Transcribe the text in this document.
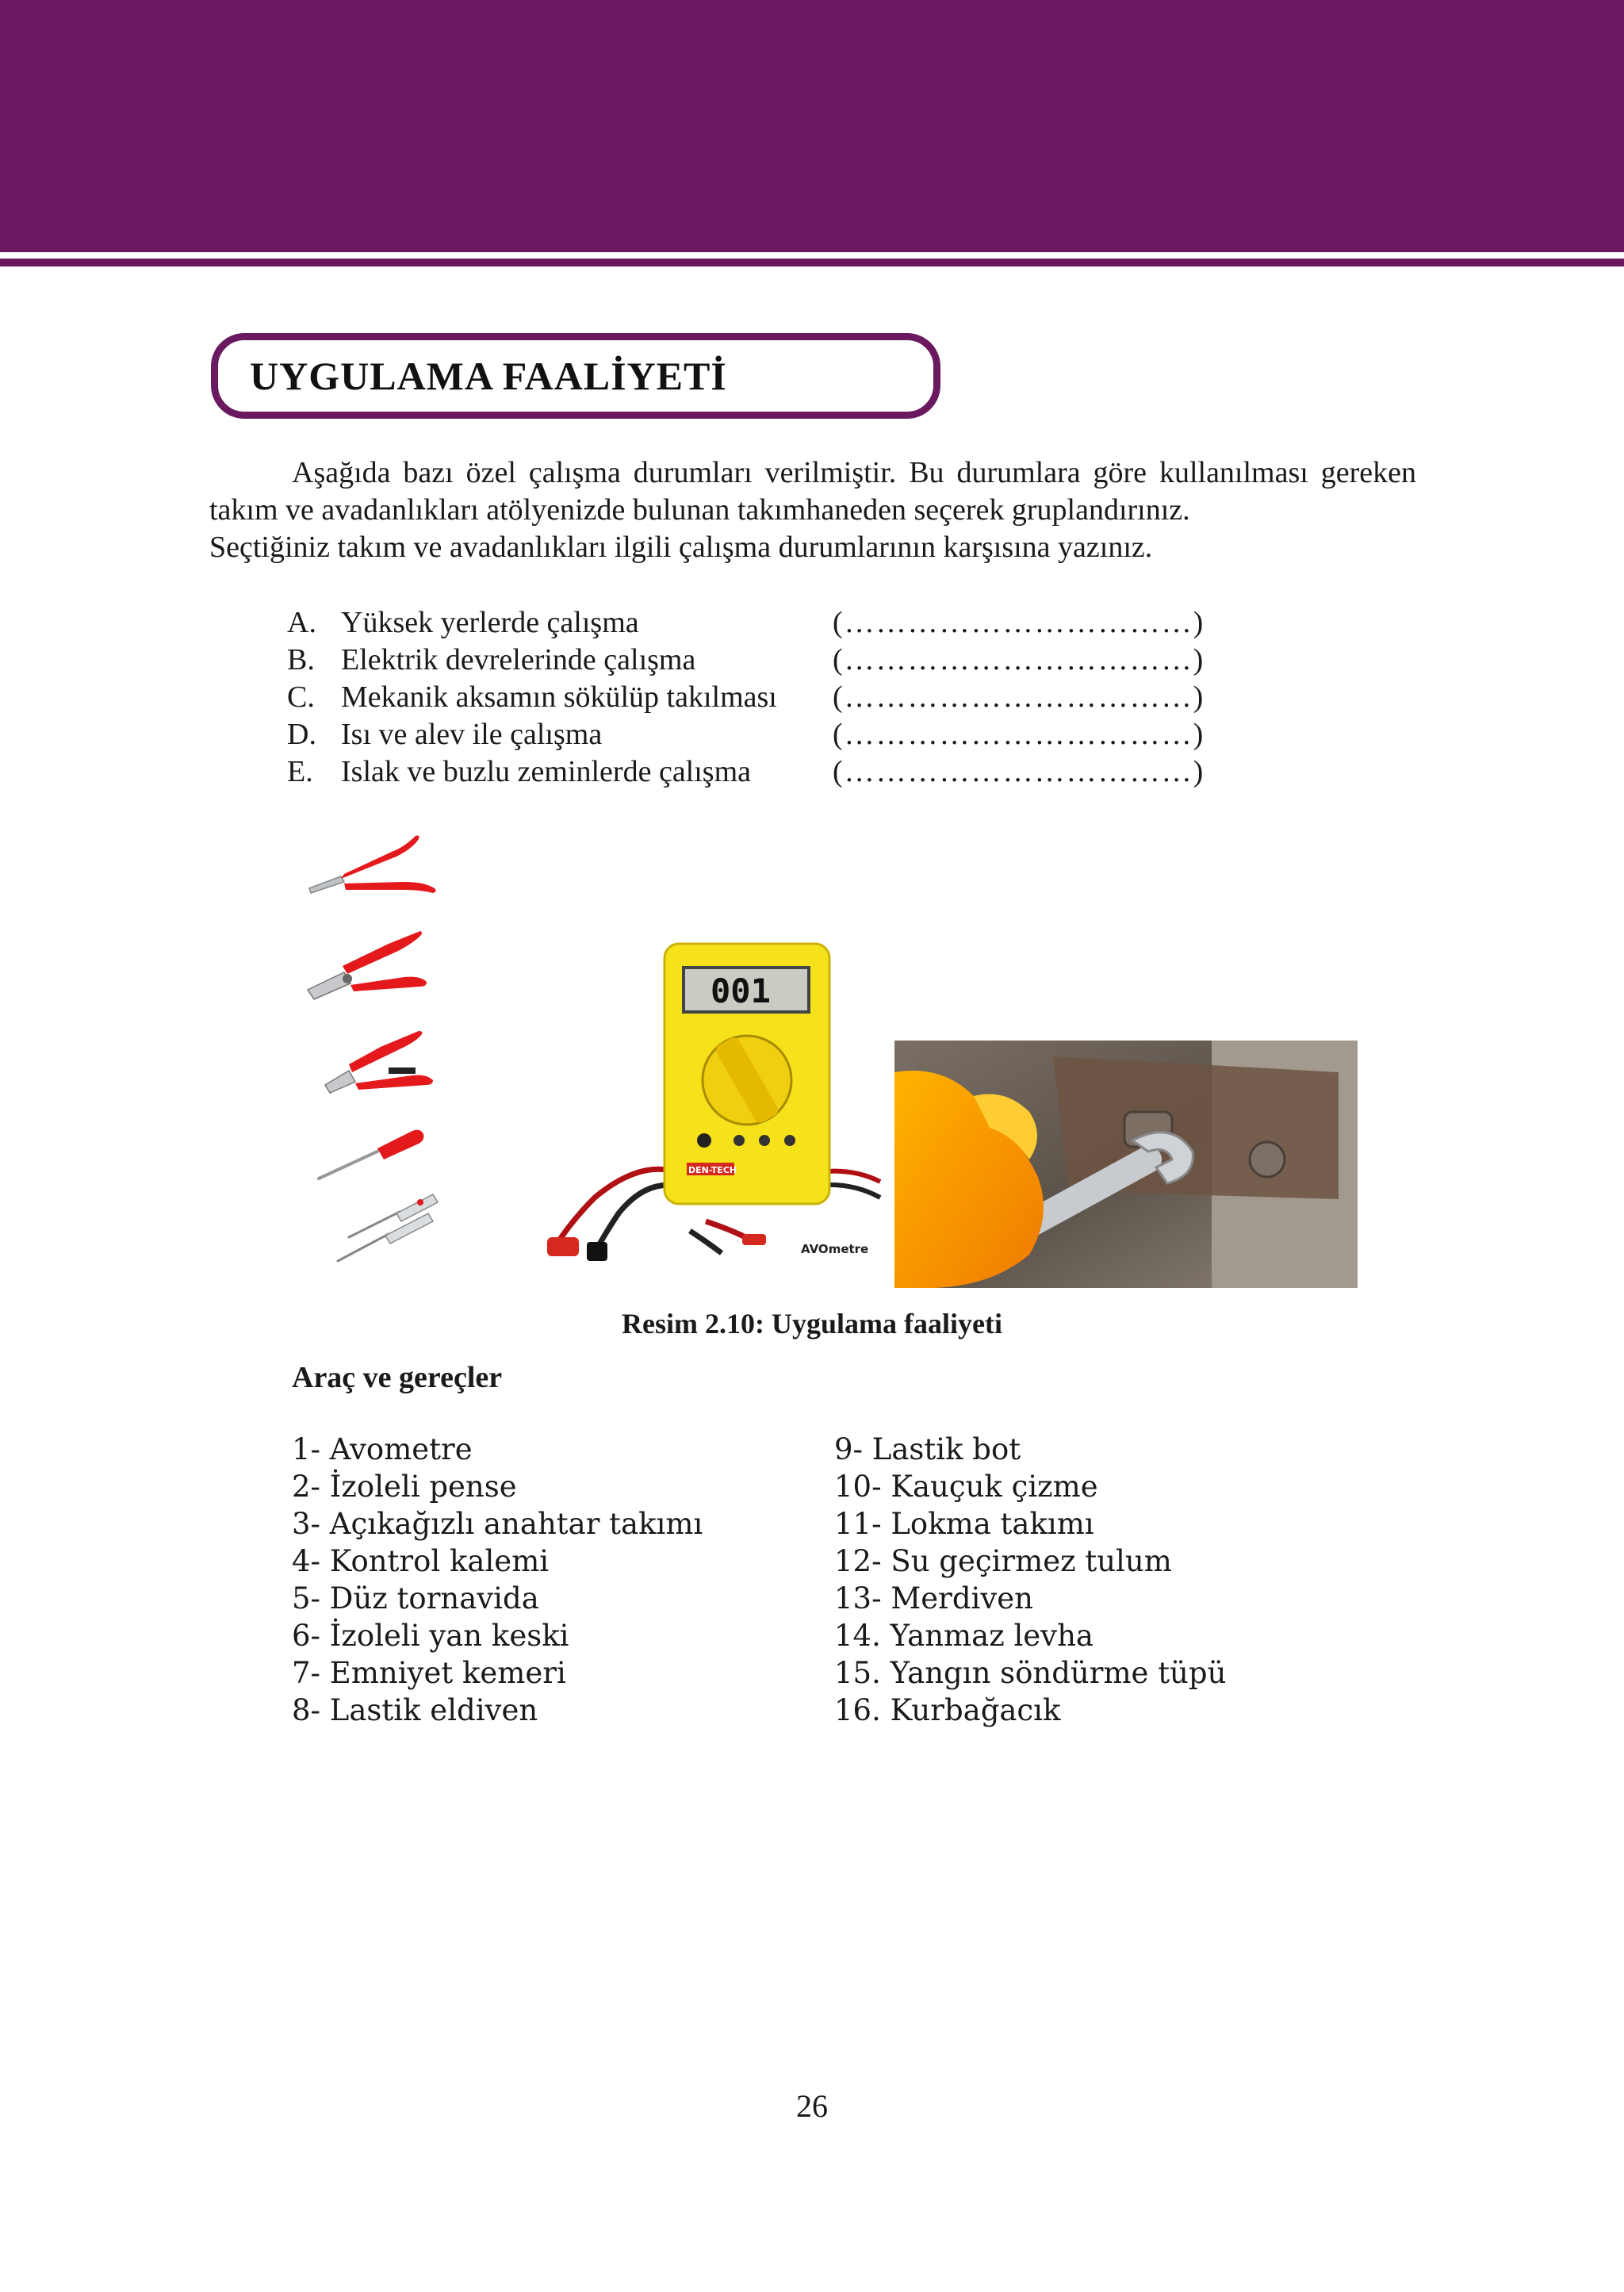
UYGULAMA FAALİYETİ

Aşağıda bazı özel çalışma durumları verilmiştir. Bu durumlara göre kullanılması gereken takım ve avadanlıkları atölyenizde bulunan takımhaneden seçerek gruplandırınız.

Seçtiğiniz takım ve avadanlıkları ilgili çalışma durumlarının karşısına yazınız.

A. Yüksek yerlerde çalışma	(……………………………)
B. Elektrik devrelerinde çalışma	(……………………………)
C. Mekanik aksamın sökülüp takılması	(……………………………)
D. Isı ve alev ile çalışma	(……………………………)
E. Islak ve buzlu zeminlerde çalışma	(……………………………)
001
DEN-TECH
AVOmetre
Resim 2.10: Uygulama faaliyeti
Araç ve gereçler
1- Avometre
2- İzoleli pense
3- Açıkağızlı anahtar takımı
4- Kontrol kalemi
5- Düz tornavida
6- İzoleli yan keski
7- Emniyet kemeri
8- Lastik eldiven
9- Lastik bot
10- Kauçuk çizme
11- Lokma takımı
12- Su geçirmez tulum
13- Merdiven
14. Yanmaz levha
15. Yangın söndürme tüpü
16. Kurbağacık
26
